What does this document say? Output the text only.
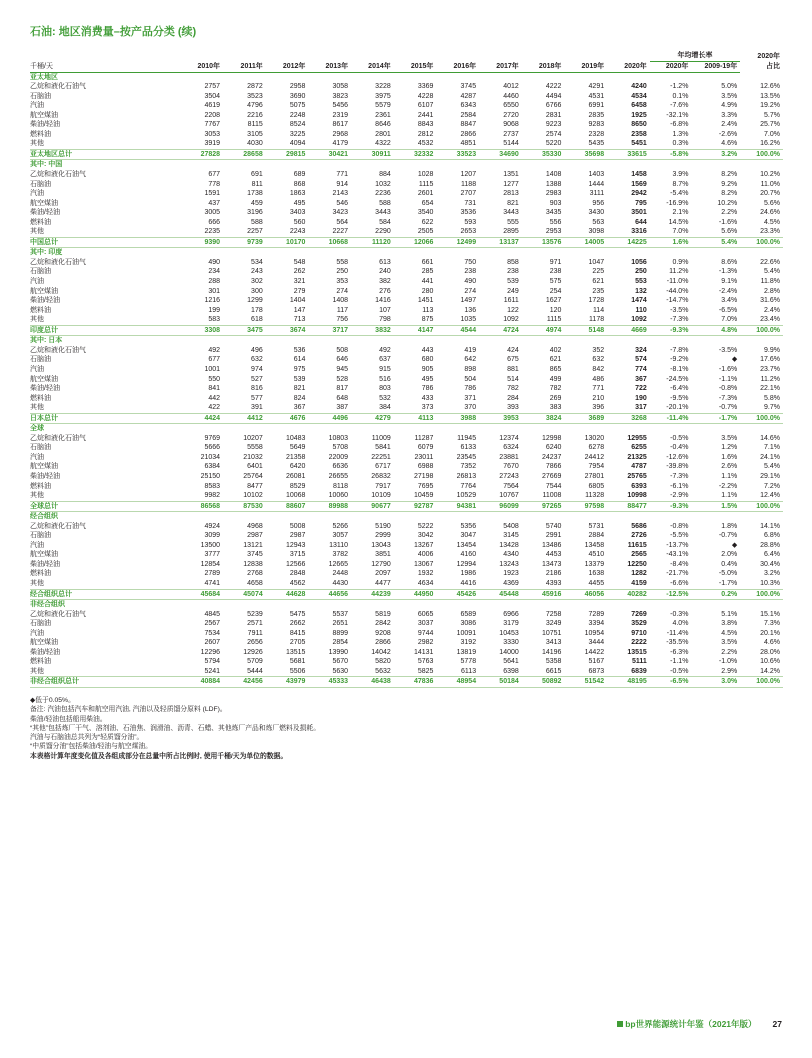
石油: 地区消费量–按产品分类 (续)
												年均增长率		2020年
占比
千桶/天	2010年	2011年	2012年	2013年	2014年	2015年	2016年	2017年	2018年	2019年	2020年	2020年	2009-19年	
亚太地区														
乙烷和液化石油气	2757	2872	2958	3058	3228	3369	3745	4012	4222	4291	4240	-1.2%	5.0%	12.6%
石脑油	3504	3523	3690	3823	3975	4228	4287	4460	4494	4531	4534	0.1%	3.5%	13.5%
汽油	4619	4796	5075	5456	5579	6107	6343	6550	6766	6991	6458	-7.6%	4.9%	19.2%
航空煤油	2208	2216	2248	2319	2361	2441	2584	2720	2831	2835	1925	-32.1%	3.3%	5.7%
柴油/轻油	7767	8115	8524	8617	8646	8843	8847	9068	9223	9283	8650	-6.8%	2.4%	25.7%
燃料油	3053	3105	3225	2968	2801	2812	2866	2737	2574	2328	2358	1.3%	-2.6%	7.0%
其他	3919	4030	4094	4179	4322	4532	4851	5144	5220	5435	5451	0.3%	4.6%	16.2%
亚太地区总计	27828	28658	29815	30421	30911	32332	33523	34690	35330	35698	33615	-5.8%	3.2%	100.0%
其中: 中国														
乙烷和液化石油气	677	691	689	771	884	1028	1207	1351	1408	1403	1458	3.9%	8.2%	10.2%
石脑油	778	811	868	914	1032	1115	1188	1277	1388	1444	1569	8.7%	9.2%	11.0%
汽油	1591	1738	1863	2143	2236	2601	2707	2813	2983	3111	2942	-5.4%	8.2%	20.7%
航空煤油	437	459	495	546	588	654	731	821	903	956	795	-16.9%	10.2%	5.6%
柴油/轻油	3005	3196	3403	3423	3443	3540	3536	3443	3435	3430	3501	2.1%	2.2%	24.6%
燃料油	666	588	560	564	584	622	593	555	556	563	644	14.5%	-1.6%	4.5%
其他	2235	2257	2243	2227	2290	2505	2653	2895	2953	3098	3316	7.0%	5.6%	23.3%
中国总计	9390	9739	10170	10668	11120	12066	12499	13137	13576	14005	14225	1.6%	5.4%	100.0%
其中: 印度														
乙烷和液化石油气	490	534	548	558	613	661	750	858	971	1047	1056	0.9%	8.6%	22.6%
石脑油	234	243	262	250	240	285	238	238	238	225	250	11.2%	-1.3%	5.4%
汽油	288	302	321	353	382	441	490	539	575	621	553	-11.0%	9.1%	11.8%
航空煤油	301	300	279	274	276	280	274	249	254	235	132	-44.0%	-2.4%	2.8%
柴油/轻油	1216	1299	1404	1408	1416	1451	1497	1611	1627	1728	1474	-14.7%	3.4%	31.6%
燃料油	199	178	147	117	107	113	136	122	120	114	110	-3.5%	-6.5%	2.4%
其他	583	618	713	756	798	875	1035	1092	1115	1178	1092	-7.3%	7.0%	23.4%
印度总计	3308	3475	3674	3717	3832	4147	4544	4724	4974	5148	4669	-9.3%	4.8%	100.0%
其中: 日本														
乙烷和液化石油气	492	496	536	508	492	443	419	424	402	352	324	-7.8%	-3.5%	9.9%
石脑油	677	632	614	646	637	680	642	675	621	632	574	-9.2%	◆	17.6%
汽油	1001	974	975	945	915	905	898	881	865	842	774	-8.1%	-1.6%	23.7%
航空煤油	550	527	539	528	516	495	504	514	499	486	367	-24.5%	-1.1%	11.2%
柴油/轻油	841	816	821	817	803	786	786	782	782	771	722	-6.4%	-0.8%	22.1%
燃料油	442	577	824	648	532	433	371	284	269	210	190	-9.5%	-7.3%	5.8%
其他	422	391	367	387	384	373	370	393	383	396	317	-20.1%	-0.7%	9.7%
日本总计	4424	4412	4676	4496	4279	4113	3988	3953	3824	3689	3268	-11.4%	-1.7%	100.0%
全球														
乙烷和液化石油气	9769	10207	10483	10803	11009	11287	11945	12374	12998	13020	12955	-0.5%	3.5%	14.6%
石脑油	5666	5558	5649	5708	5841	6079	6133	6324	6240	6278	6255	-0.4%	1.2%	7.1%
汽油	21034	21032	21358	22009	22251	23011	23545	23881	24237	24412	21325	-12.6%	1.6%	24.1%
航空煤油	6384	6401	6420	6636	6717	6988	7352	7670	7866	7954	4787	-39.8%	2.6%	5.4%
柴油/轻油	25150	25764	26081	26655	26832	27198	26813	27243	27669	27801	25765	-7.3%	1.1%	29.1%
燃料油	8583	8477	8529	8118	7917	7695	7764	7564	7544	6805	6393	-6.1%	-2.2%	7.2%
其他	9982	10102	10068	10060	10109	10459	10529	10767	11008	11328	10998	-2.9%	1.1%	12.4%
全球总计	86568	87530	88607	89988	90677	92787	94381	96099	97265	97598	88477	-9.3%	1.5%	100.0%
经合组织														
乙烷和液化石油气	4924	4968	5008	5266	5190	5222	5356	5408	5740	5731	5686	-0.8%	1.8%	14.1%
石脑油	3099	2987	2987	3057	2999	3042	3047	3145	2991	2884	2726	-5.5%	-0.7%	6.8%
汽油	13500	13121	12943	13110	13043	13267	13454	13428	13486	13458	11615	-13.7%	◆	28.8%
航空煤油	3777	3745	3715	3782	3851	4006	4160	4340	4453	4510	2565	-43.1%	2.0%	6.4%
柴油/轻油	12854	12838	12566	12665	12790	13067	12994	13243	13473	13379	12250	-8.4%	0.4%	30.4%
燃料油	2789	2768	2848	2448	2097	1932	1986	1923	2186	1638	1282	-21.7%	-5.0%	3.2%
其他	4741	4658	4562	4430	4477	4634	4416	4369	4393	4455	4159	-6.6%	-1.7%	10.3%
经合组织总计	45684	45074	44628	44656	44239	44950	45426	45448	45916	46056	40282	-12.5%	0.2%	100.0%
非经合组织														
乙烷和液化石油气	4845	5239	5475	5537	5819	6065	6589	6966	7258	7289	7269	-0.3%	5.1%	15.1%
石脑油	2567	2571	2662	2651	2842	3037	3086	3179	3249	3394	3529	4.0%	3.8%	7.3%
汽油	7534	7911	8415	8899	9208	9744	10091	10453	10751	10954	9710	-11.4%	4.5%	20.1%
航空煤油	2607	2656	2705	2854	2866	2982	3192	3330	3413	3444	2222	-35.5%	3.5%	4.6%
柴油/轻油	12296	12926	13515	13990	14042	14131	13819	14000	14196	14422	13515	-6.3%	2.2%	28.0%
燃料油	5794	5709	5681	5670	5820	5763	5778	5641	5358	5167	5111	-1.1%	-1.0%	10.6%
其他	5241	5444	5506	5630	5632	5825	6113	6398	6615	6873	6839	-0.5%	2.9%	14.2%
非经合组织总计	40884	42456	43979	45333	46438	47836	48954	50184	50892	51542	48195	-6.5%	3.0%	100.0%
◆低于0.05%。
备注: 汽油包括汽车和航空用汽油, 汽油以及轻质馏分原料 (LDF)。
柴油/轻油包括船用柴油。
“其他”包括炼厂干气、溶剂油、石油焦、润滑油、沥青、石蜡、其他炼厂产品和炼厂燃料及损耗。
汽油与石脑油总共列为“轻质馏分油”。
“中质馏分油”包括柴油/轻油与航空煤油。
本表格计算年度变化值及各组成部分在总量中所占比例时, 使用千桶/天为单位的数据。
bp 世界能源统计年鉴（2021年版） 27
